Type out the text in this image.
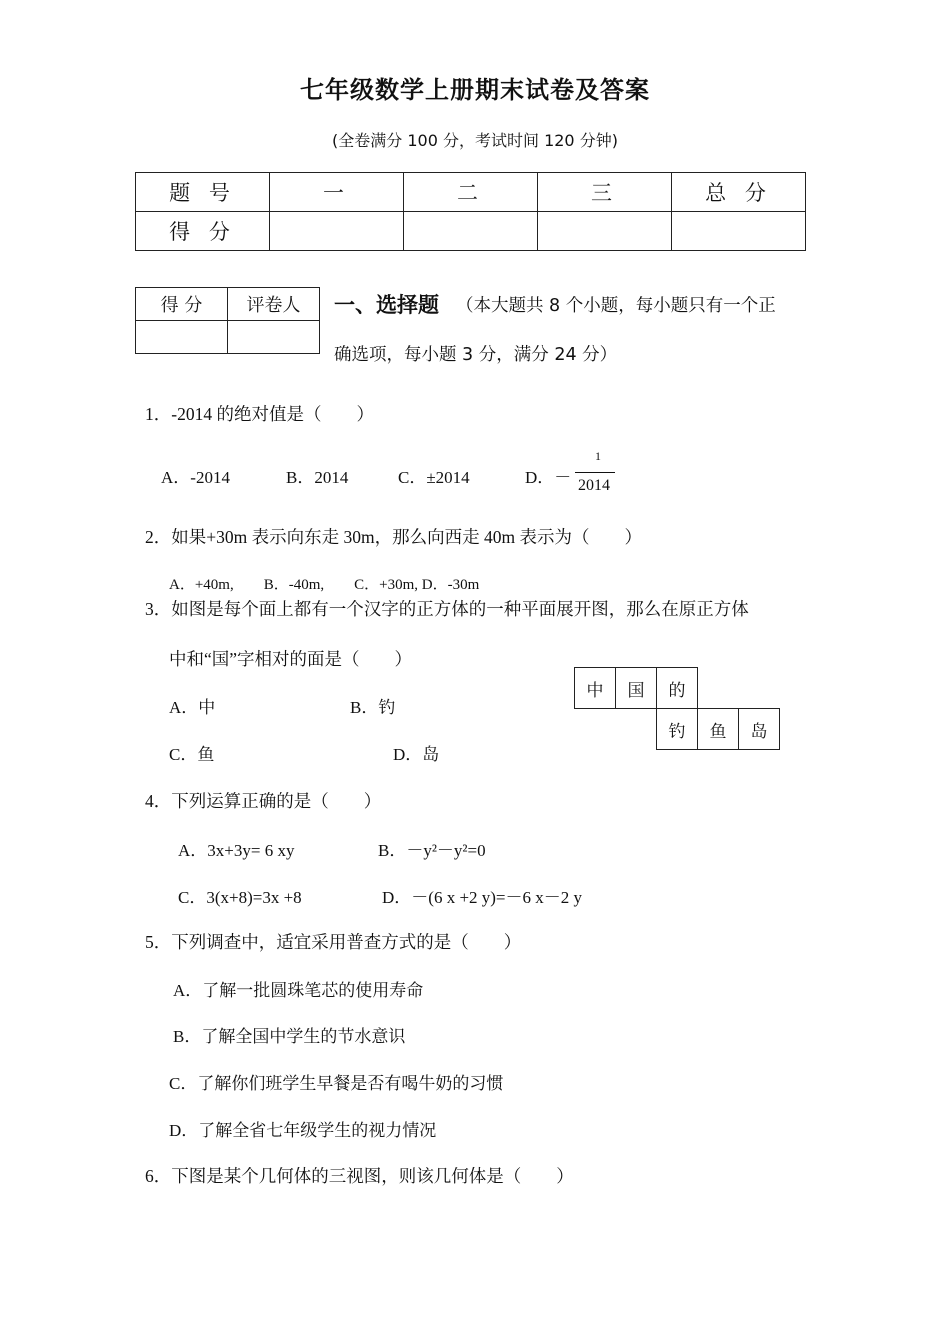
七年级数学上册期末试卷及答案
(全卷满分 100 分，考试时间 120 分钟)
题 号	一	二	三	总 分
得 分				
得 分	评卷人
	一、选择题 （本大题共 8 个小题，每小题只有一个正
确选项，每小题 3 分，满分 24 分）
1．-2014 的绝对值是（　　）
A．-2014	B．2014	C．±2014	D．－
1
2014
2．如果+30m 表示向东走 30m，那么向西走 40m 表示为（　　）
A．+40m,　　B．-40m,　　C．+30m, D．-30m
3．如图是每个面上都有一个汉字的正方体的一种平面展开图，那么在原正方体
中和“国”字相对的面是（　　）
A．中	B．钓
C．鱼	D．岛
中	国	的
钓	鱼	岛
4．下列运算正确的是（　　）
A．3x+3y= 6 xy	B．－y²－y²=0
C．3(x+8)=3x +8	D．－(6 x +2 y)=－6 x－2 y
5．下列调查中，适宜采用普查方式的是（　　）
A．了解一批圆珠笔芯的使用寿命
B．了解全国中学生的节水意识
C．了解你们班学生早餐是否有喝牛奶的习惯
D．了解全省七年级学生的视力情况
6．下图是某个几何体的三视图，则该几何体是（　　）
